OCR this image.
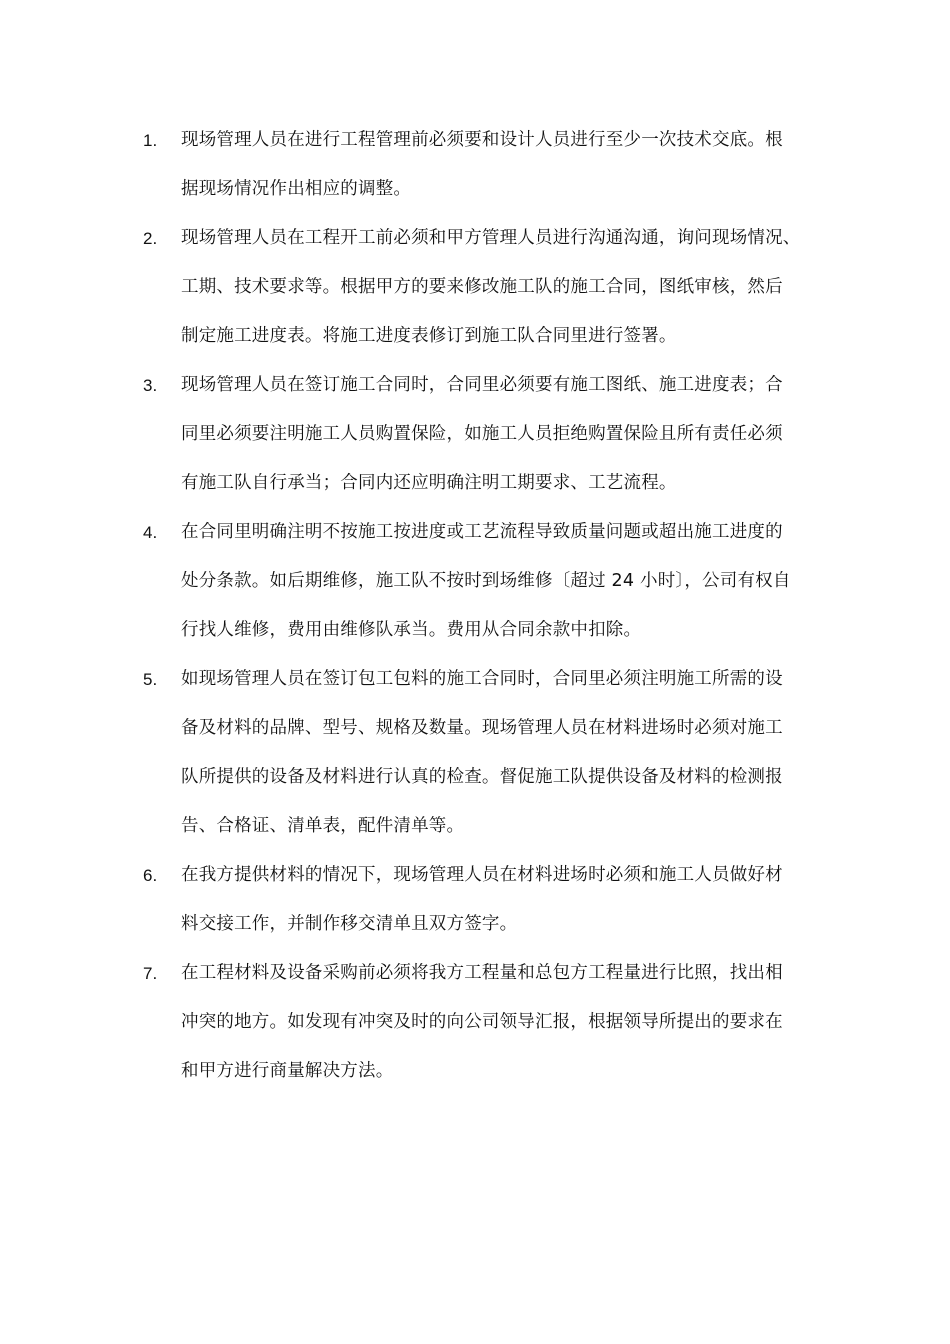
1. 现场管理人员在进行工程管理前必须要和设计人员进行至少一次技术交底。根
据现场情况作出相应的调整。
2. 现场管理人员在工程开工前必须和甲方管理人员进行沟通沟通，询问现场情况、
工期、技术要求等。根据甲方的要来修改施工队的施工合同，图纸审核，然后
制定施工进度表。将施工进度表修订到施工队合同里进行签署。
3. 现场管理人员在签订施工合同时，合同里必须要有施工图纸、施工进度表；合
同里必须要注明施工人员购置保险，如施工人员拒绝购置保险且所有责任必须
有施工队自行承当；合同内还应明确注明工期要求、工艺流程。
4. 在合同里明确注明不按施工按进度或工艺流程导致质量问题或超出施工进度的
处分条款。如后期维修，施工队不按时到场维修〔超过 24 小时〕，公司有权自
行找人维修，费用由维修队承当。费用从合同余款中扣除。
5. 如现场管理人员在签订包工包料的施工合同时，合同里必须注明施工所需的设
备及材料的品牌、型号、规格及数量。现场管理人员在材料进场时必须对施工
队所提供的设备及材料进行认真的检查。督促施工队提供设备及材料的检测报
告、合格证、清单表，配件清单等。
6. 在我方提供材料的情况下，现场管理人员在材料进场时必须和施工人员做好材
料交接工作，并制作移交清单且双方签字。
7. 在工程材料及设备采购前必须将我方工程量和总包方工程量进行比照，找出相
冲突的地方。如发现有冲突及时的向公司领导汇报，根据领导所提出的要求在
和甲方进行商量解决方法。
